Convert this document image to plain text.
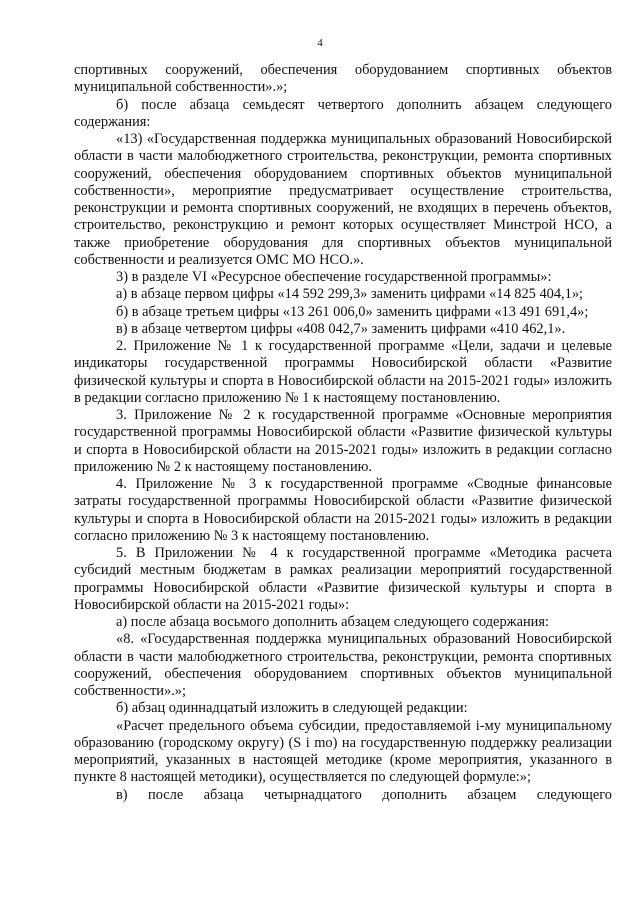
4

спортивных сооружений, обеспечения оборудованием спортивных объектов муниципальной собственности».»;

б) после абзаца семьдесят четвертого дополнить абзацем следующего содержания:

«13) «Государственная поддержка муниципальных образований Новосибирской области в части малобюджетного строительства, реконструкции, ремонта спортивных сооружений, обеспечения оборудованием спортивных объектов муниципальной собственности», мероприятие предусматривает осуществление строительства, реконструкции и ремонта спортивных сооружений, не входящих в перечень объектов, строительство, реконструкцию и ремонт которых осуществляет Минстрой НСО, а также приобретение оборудования для спортивных объектов муниципальной собственности и реализуется ОМС МО НСО.».

3) в разделе VI «Ресурсное обеспечение государственной программы»:

а) в абзаце первом цифры «14 592 299,3» заменить цифрами «14 825 404,1»;

б) в абзаце третьем цифры «13 261 006,0» заменить цифрами «13 491 691,4»;

в) в абзаце четвертом цифры «408 042,7» заменить цифрами «410 462,1».

2. Приложение № 1 к государственной программе «Цели, задачи и целевые индикаторы государственной программы Новосибирской области «Развитие физической культуры и спорта в Новосибирской области на 2015-2021 годы» изложить в редакции согласно приложению № 1 к настоящему постановлению.

3. Приложение № 2 к государственной программе «Основные мероприятия государственной программы Новосибирской области «Развитие физической культуры и спорта в Новосибирской области на 2015-2021 годы» изложить в редакции согласно приложению № 2 к настоящему постановлению.

4. Приложение № 3 к государственной программе «Сводные финансовые затраты государственной программы Новосибирской области «Развитие физической культуры и спорта в Новосибирской области на 2015-2021 годы» изложить в редакции согласно приложению № 3 к настоящему постановлению.

5. В Приложении № 4 к государственной программе «Методика расчета субсидий местным бюджетам в рамках реализации мероприятий государственной программы Новосибирской области «Развитие физической культуры и спорта в Новосибирской области на 2015-2021 годы»:

а) после абзаца восьмого дополнить абзацем следующего содержания:

«8. «Государственная поддержка муниципальных образований Новосибирской области в части малобюджетного строительства, реконструкции, ремонта спортивных сооружений, обеспечения оборудованием спортивных объектов муниципальной собственности».»;

б) абзац одиннадцатый изложить в следующей редакции:

«Расчет предельного объема субсидии, предоставляемой i-му муниципальному образованию (городскому округу) (S i mo) на государственную поддержку реализации мероприятий, указанных в настоящей методике (кроме мероприятия, указанного в пункте 8 настоящей методики), осуществляется по следующей формуле:»;

в) после абзаца четырнадцатого дополнить абзацем следующего
